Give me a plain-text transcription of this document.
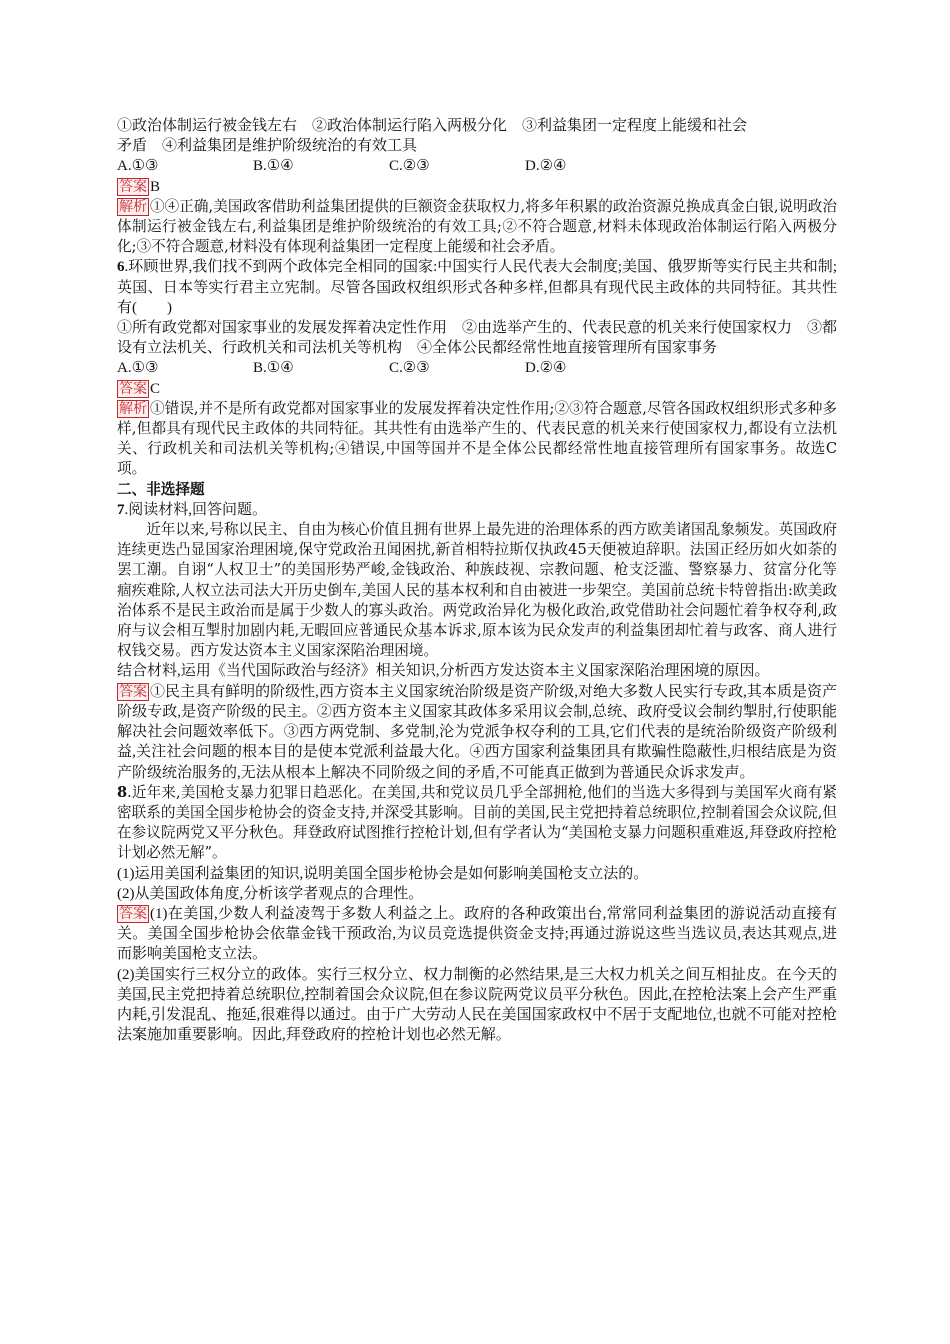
①政治体制运行被金钱左右　②政治体制运行陷入两极分化　③利益集团一定程度上能缓和社会

矛盾　④利益集团是维护阶级统治的有效工具

A.①③	B.①④	C.②③	D.②④

答案 B

解析 ①④正确,美国政客借助利益集团提供的巨额资金获取权力,将多年积累的政治资源兑换成真金白银,说明政治体制运行被金钱左右,利益集团是维护阶级统治的有效工具;②不符合题意,材料未体现政治体制运行陷入两极分化;③不符合题意,材料没有体现利益集团一定程度上能缓和社会矛盾。

6.环顾世界,我们找不到两个政体完全相同的国家:中国实行人民代表大会制度;美国、俄罗斯等实行民主共和制;英国、日本等实行君主立宪制。尽管各国政权组织形式各种多样,但都具有现代民主政体的共同特征。其共性有(　　)

①所有政党都对国家事业的发展发挥着决定性作用　②由选举产生的、代表民意的机关来行使国家权力　③都设有立法机关、行政机关和司法机关等机构　④全体公民都经常性地直接管理所有国家事务

A.①③	B.①④	C.②③	D.②④

答案 C

解析 ①错误,并不是所有政党都对国家事业的发展发挥着决定性作用;②③符合题意,尽管各国政权组织形式多种多样,但都具有现代民主政体的共同特征。其共性有由选举产生的、代表民意的机关来行使国家权力,都设有立法机关、行政机关和司法机关等机构;④错误,中国等国并不是全体公民都经常性地直接管理所有国家事务。故选C项。

二、非选择题

7.阅读材料,回答问题。

近年以来,号称以民主、自由为核心价值且拥有世界上最先进的治理体系的西方欧美诸国乱象频发。英国政府连续更迭凸显国家治理困境,保守党政治丑闻困扰,新首相特拉斯仅执政45天便被迫辞职。法国正经历如火如荼的罢工潮。自诩“人权卫士”的美国形势严峻,金钱政治、种族歧视、宗教问题、枪支泛滥、警察暴力、贫富分化等痼疾难除,人权立法司法大开历史倒车,美国人民的基本权利和自由被进一步架空。美国前总统卡特曾指出:欧美政治体系不是民主政治而是属于少数人的寡头政治。两党政治异化为极化政治,政党借助社会问题忙着争权夺利,政府与议会相互掣肘加剧内耗,无暇回应普通民众基本诉求,原本该为民众发声的利益集团却忙着与政客、商人进行权钱交易。西方发达资本主义国家深陷治理困境。

结合材料,运用《当代国际政治与经济》相关知识,分析西方发达资本主义国家深陷治理困境的原因。

答案 ①民主具有鲜明的阶级性,西方资本主义国家统治阶级是资产阶级,对绝大多数人民实行专政,其本质是资产阶级专政,是资产阶级的民主。②西方资本主义国家其政体多采用议会制,总统、政府受议会制约掣肘,行使职能解决社会问题效率低下。③西方两党制、多党制,沦为党派争权夺利的工具,它们代表的是统治阶级资产阶级利益,关注社会问题的根本目的是使本党派利益最大化。④西方国家利益集团具有欺骗性隐蔽性,归根结底是为资产阶级统治服务的,无法从根本上解决不同阶级之间的矛盾,不可能真正做到为普通民众诉求发声。

8.近年来,美国枪支暴力犯罪日趋恶化。在美国,共和党议员几乎全部拥枪,他们的当选大多得到与美国军火商有紧密联系的美国全国步枪协会的资金支持,并深受其影响。目前的美国,民主党把持着总统职位,控制着国会众议院,但在参议院两党又平分秋色。拜登政府试图推行控枪计划,但有学者认为“美国枪支暴力问题积重难返,拜登政府控枪计划必然无解”。

(1)运用美国利益集团的知识,说明美国全国步枪协会是如何影响美国枪支立法的。

(2)从美国政体角度,分析该学者观点的合理性。

答案 (1)在美国,少数人利益凌驾于多数人利益之上。政府的各种政策出台,常常同利益集团的游说活动直接有关。美国全国步枪协会依靠金钱干预政治,为议员竞选提供资金支持;再通过游说这些当选议员,表达其观点,进而影响美国枪支立法。

(2)美国实行三权分立的政体。实行三权分立、权力制衡的必然结果,是三大权力机关之间互相扯皮。在今天的美国,民主党把持着总统职位,控制着国会众议院,但在参议院两党议员平分秋色。因此,在控枪法案上会产生严重内耗,引发混乱、拖延,很难得以通过。由于广大劳动人民在美国国家政权中不居于支配地位,也就不可能对控枪法案施加重要影响。因此,拜登政府的控枪计划也必然无解。
